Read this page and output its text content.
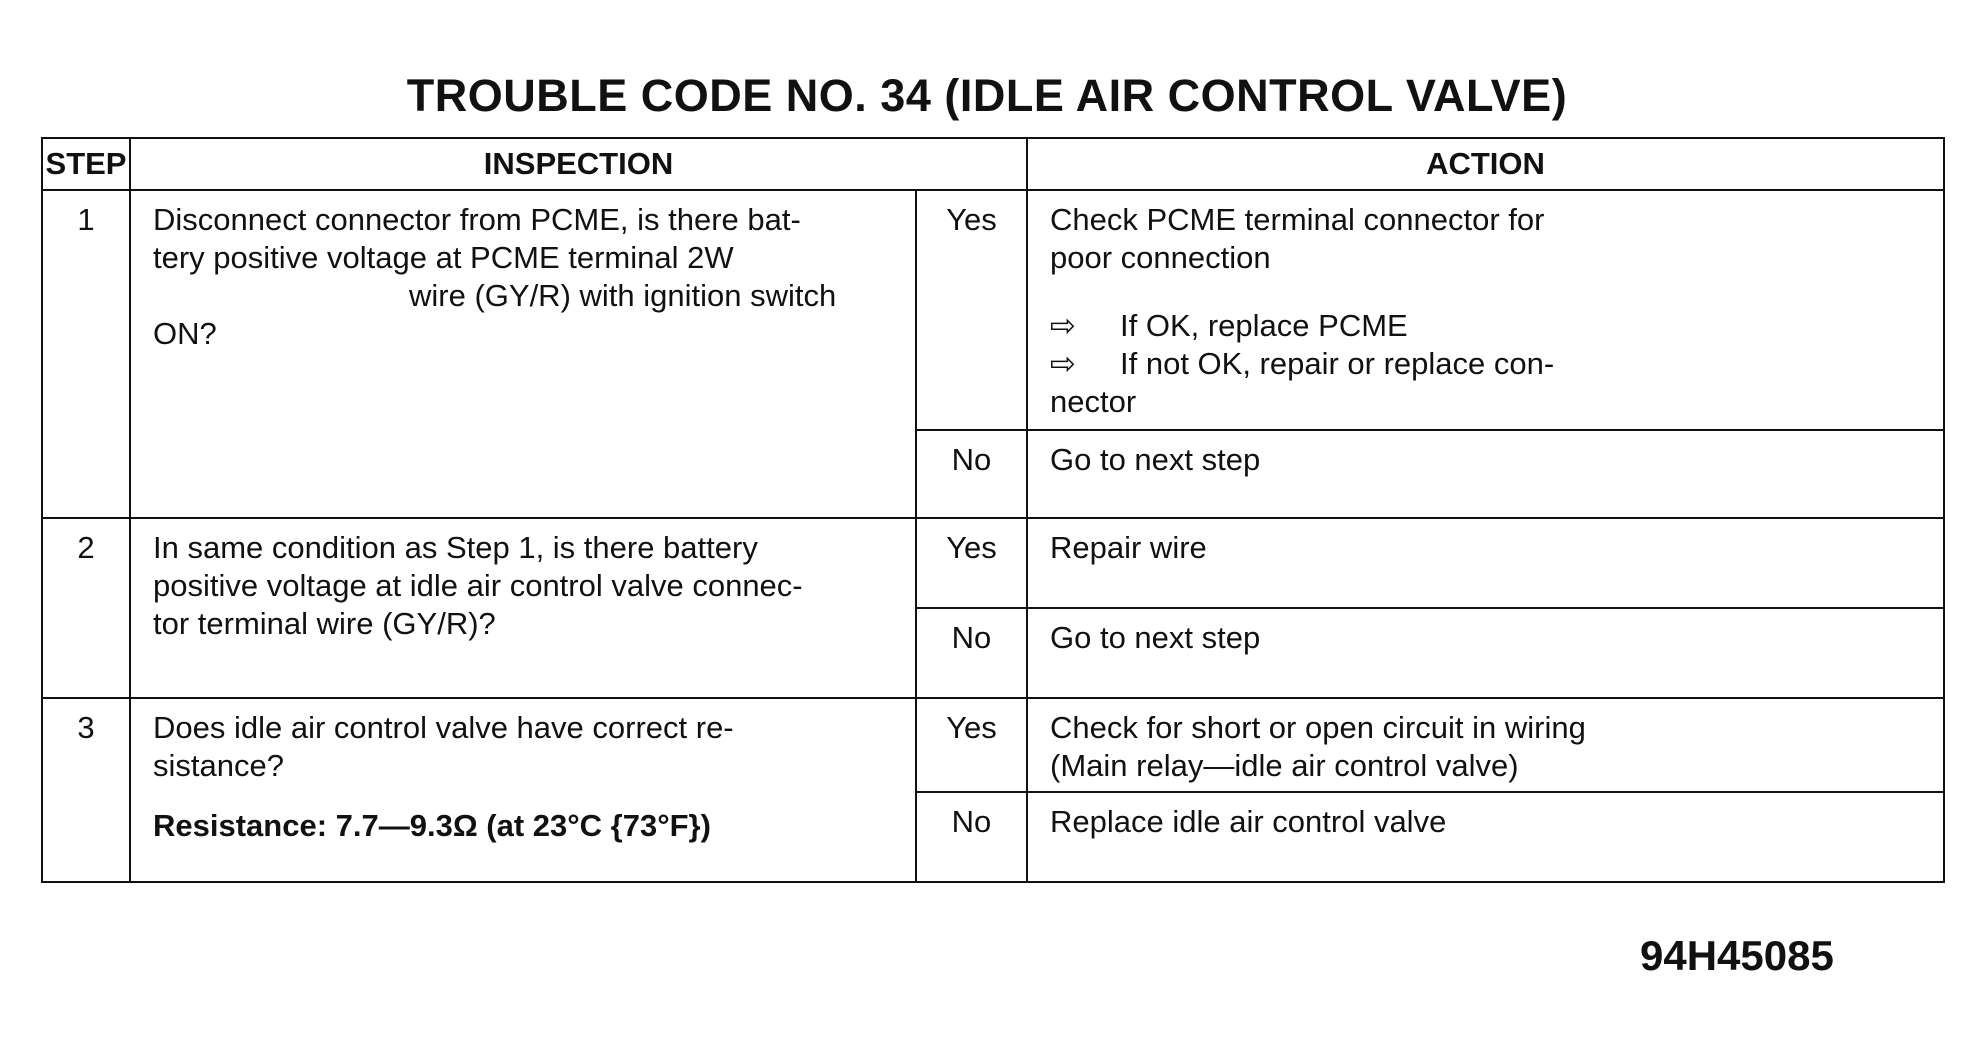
TROUBLE CODE NO. 34 (IDLE AIR CONTROL VALVE)
STEP	INSPECTION		ACTION
1	Disconnect connector from PCME, is there bat-
tery positive voltage at PCME terminal 2W
wire (GY/R) with ignition switch
ON?	Yes	Check PCME terminal connector for
poor connection
⇨ If OK, replace PCME
⇨ If not OK, repair or replace con-
nector

		No	Go to next step
2	In same condition as Step 1, is there battery
positive voltage at idle air control valve connec-
tor terminal wire (GY/R)?	Yes	Repair wire
		No	Go to next step
3	Does idle air control valve have correct re-
sistance?
Resistance: 7.7—9.3Ω (at 23°C {73°F})	Yes	Check for short or open circuit in wiring
(Main relay—idle air control valve)

		No	Replace idle air control valve
94H45085
